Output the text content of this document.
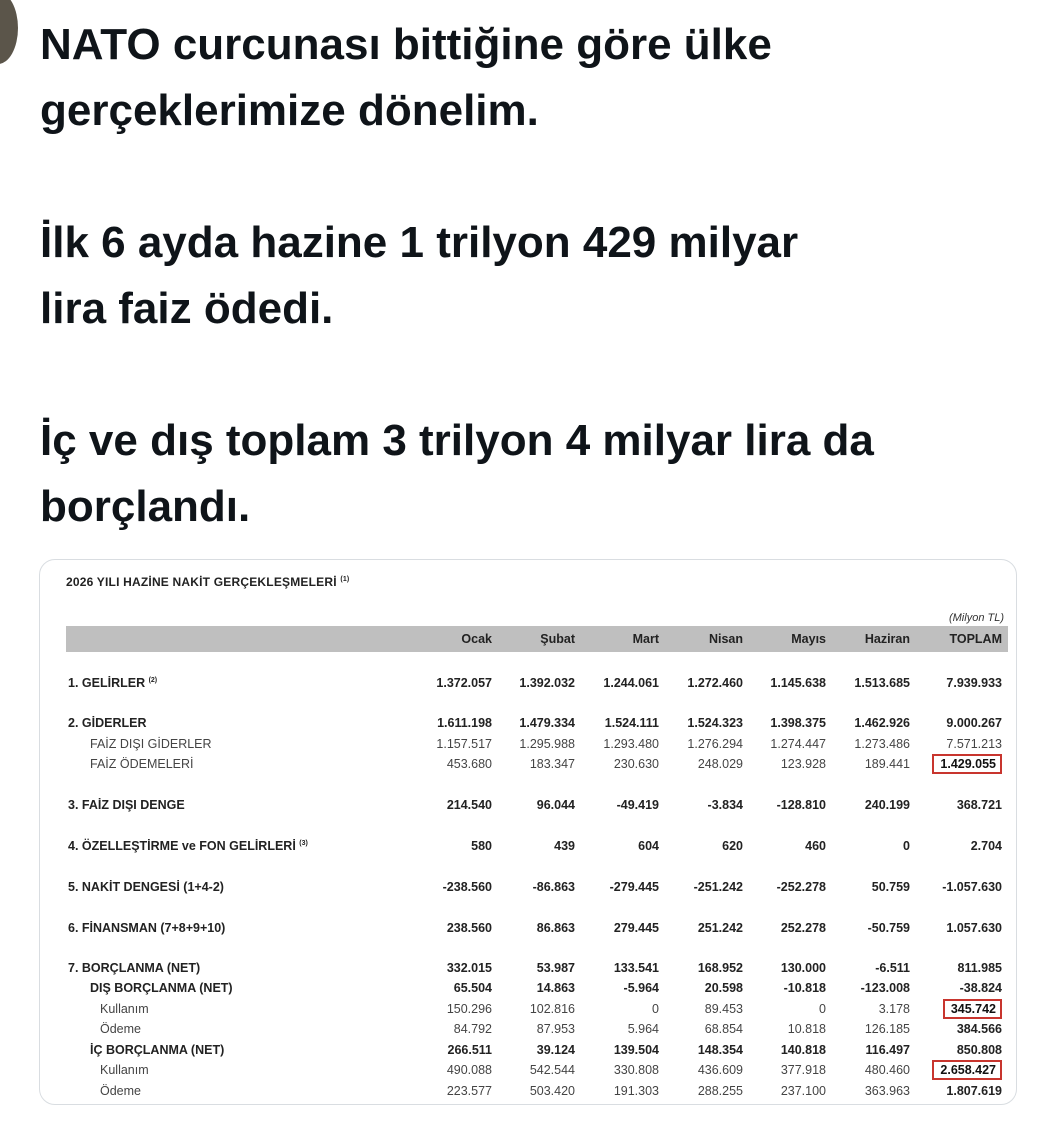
NATO curcunası bittiğine göre ülke

gerçeklerimize dönelim.

İlk 6 ayda hazine 1 trilyon 429 milyar

lira faiz ödedi.

İç ve dış toplam 3 trilyon 4 milyar lira da

borçlandı.

2026 YILI HAZİNE NAKİT GERÇEKLEŞMELERİ $^{(1)}$
(Milyon TL)
	Ocak	Şubat	Mart	Nisan	Mayıs	Haziran	TOPLAM

1. GELİRLER $^{(2)}$	1.372.057	1.392.032	1.244.061	1.272.460	1.145.638	1.513.685	7.939.933

2. GİDERLER	1.611.198	1.479.334	1.524.111	1.524.323	1.398.375	1.462.926	9.000.267
FAİZ DIŞI GİDERLER	1.157.517	1.295.988	1.293.480	1.276.294	1.274.447	1.273.486	7.571.213
FAİZ ÖDEMELERİ	453.680	183.347	230.630	248.029	123.928	189.441	1.429.055

3. FAİZ DIŞI DENGE	214.540	96.044	-49.419	-3.834	-128.810	240.199	368.721

4. ÖZELLEŞTİRME ve FON GELİRLERİ $^{(3)}$	580	439	604	620	460	0	2.704

5. NAKİT DENGESİ (1+4-2)	-238.560	-86.863	-279.445	-251.242	-252.278	50.759	-1.057.630

6. FİNANSMAN (7+8+9+10)	238.560	86.863	279.445	251.242	252.278	-50.759	1.057.630

7. BORÇLANMA (NET)	332.015	53.987	133.541	168.952	130.000	-6.511	811.985
DIŞ BORÇLANMA (NET)	65.504	14.863	-5.964	20.598	-10.818	-123.008	-38.824
Kullanım	150.296	102.816	0	89.453	0	3.178	345.742
Ödeme	84.792	87.953	5.964	68.854	10.818	126.185	384.566
İÇ BORÇLANMA (NET)	266.511	39.124	139.504	148.354	140.818	116.497	850.808
Kullanım	490.088	542.544	330.808	436.609	377.918	480.460	2.658.427
Ödeme	223.577	503.420	191.303	288.255	237.100	363.963	1.807.619
